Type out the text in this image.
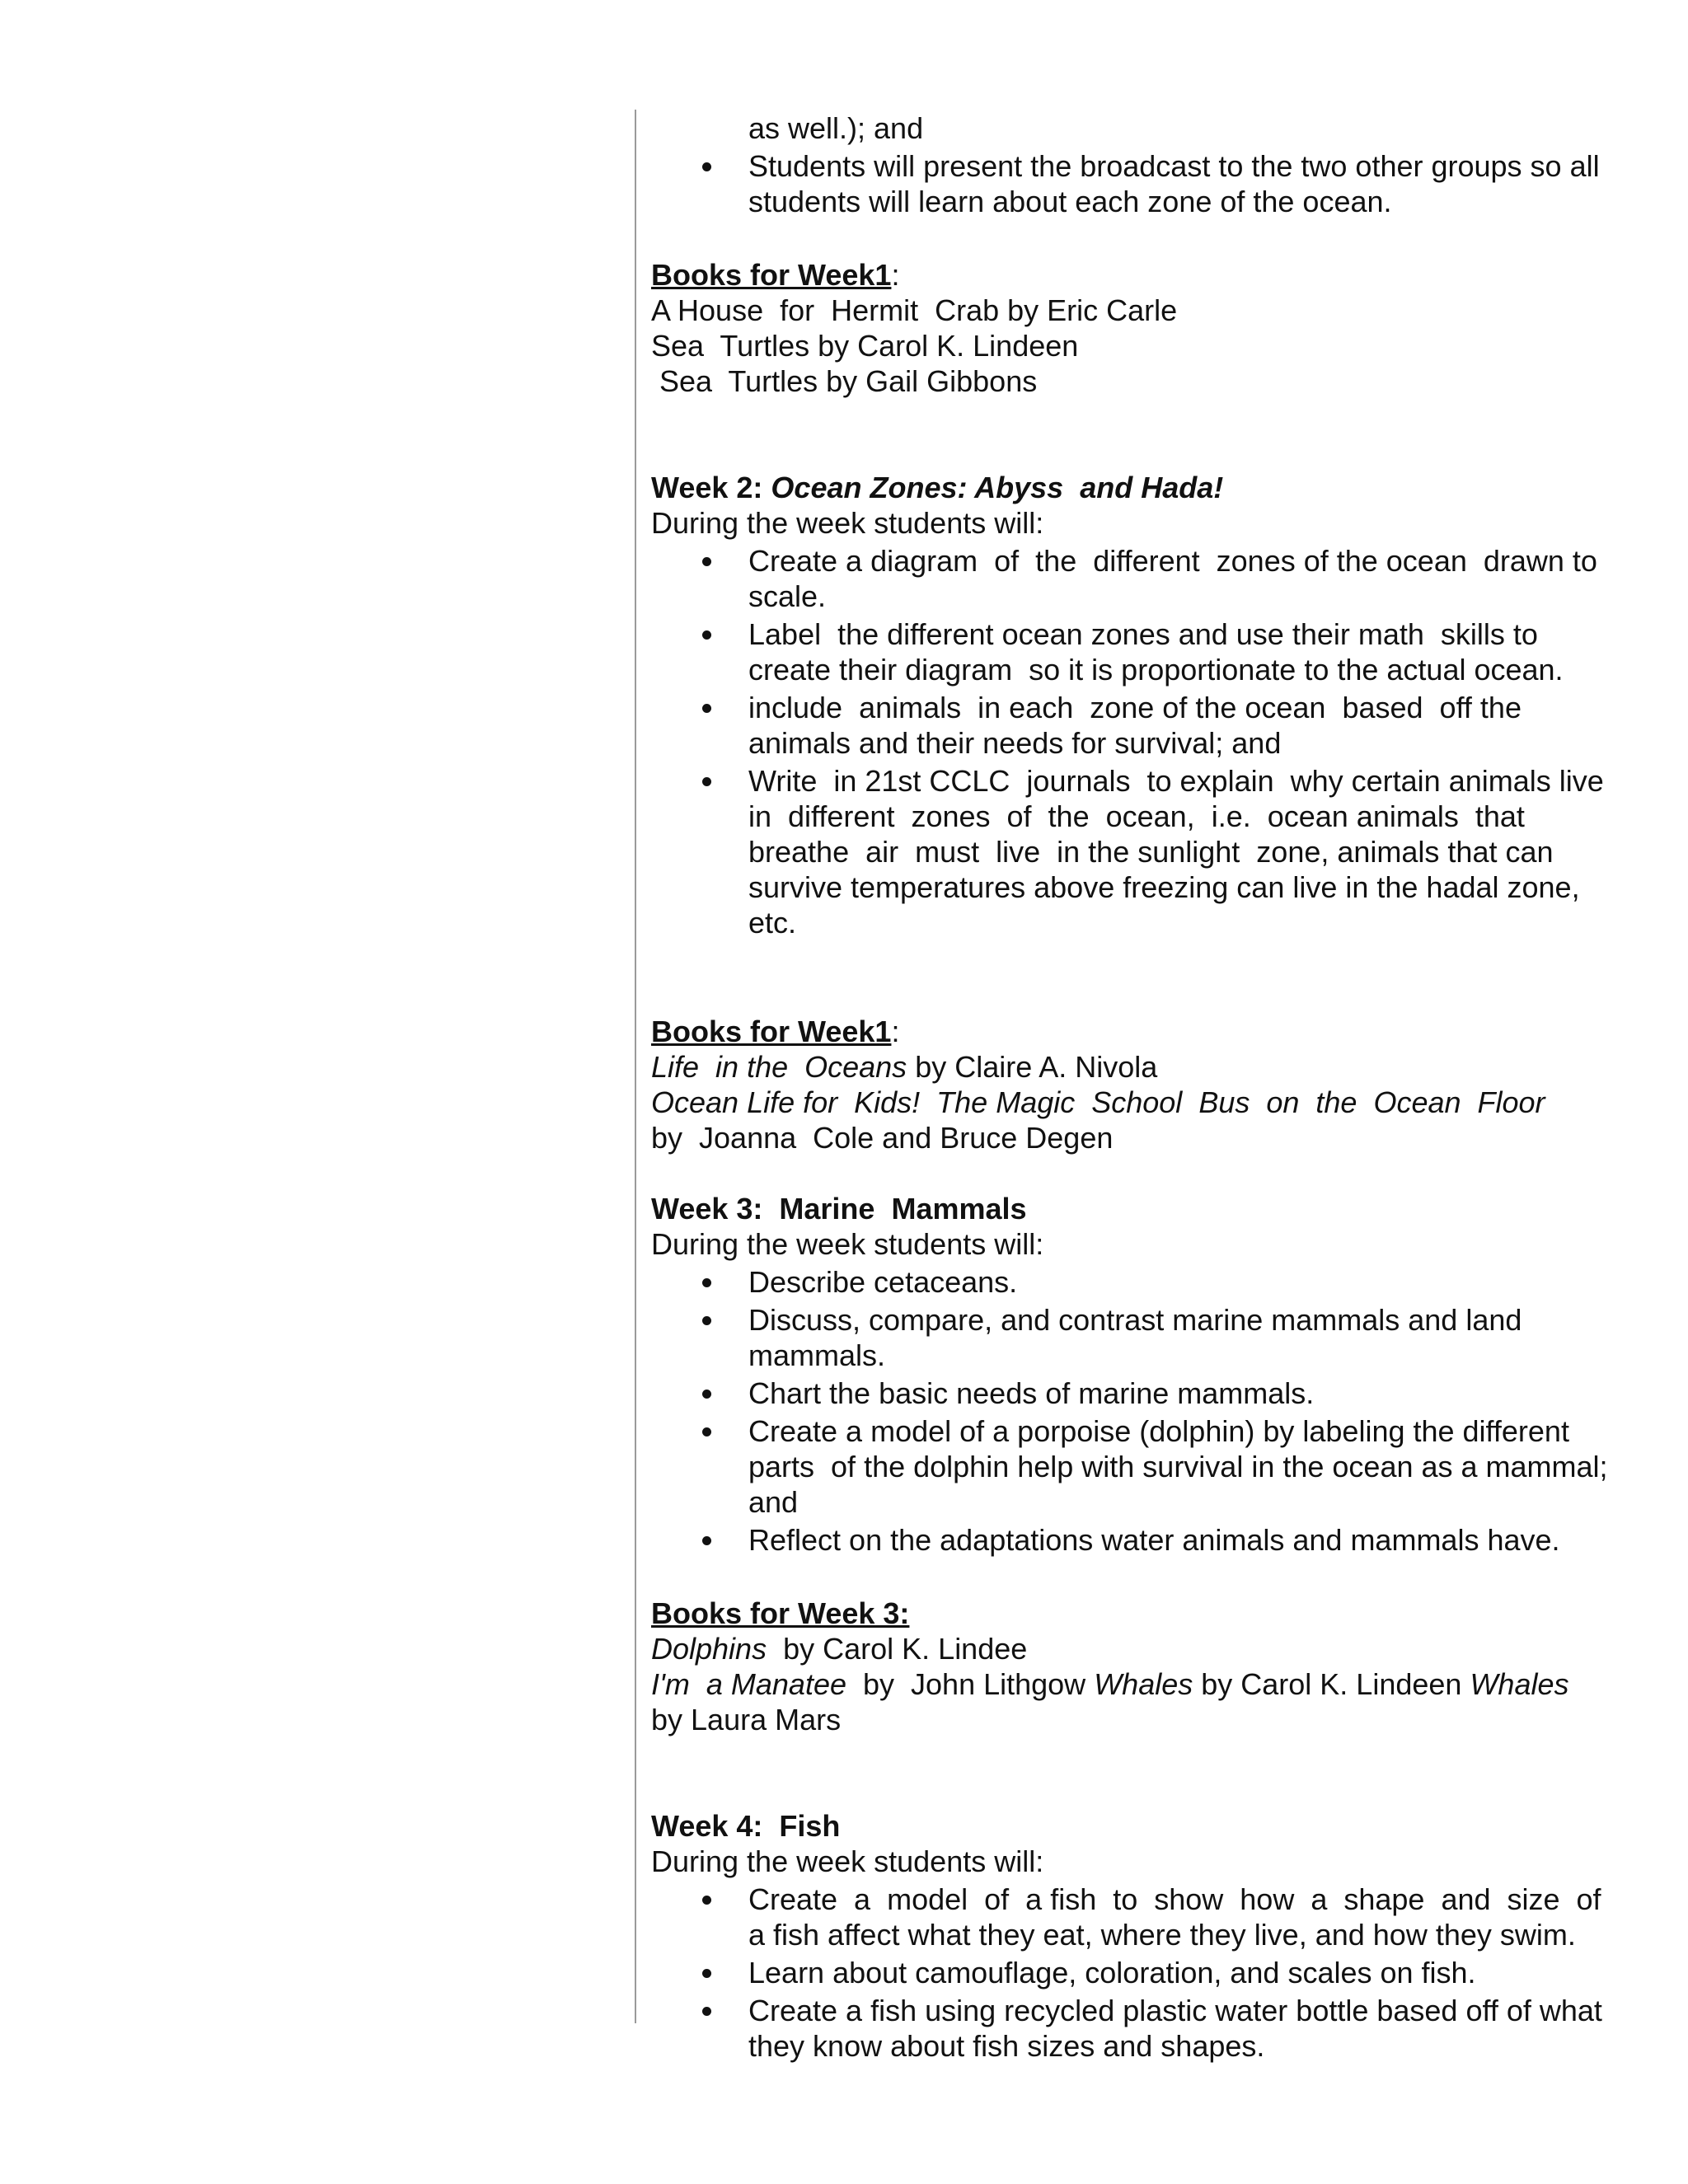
as well.); and
Students will present the broadcast to the two other groups so all students will learn about each zone of the ocean.
Books for Week1:
A House  for  Hermit  Crab by Eric Carle
Sea  Turtles by Carol K. Lindeen
Sea  Turtles by Gail Gibbons
Week 2: Ocean Zones: Abyss  and Hada!
During the week students will:
Create a diagram  of  the  different  zones of the ocean  drawn to scale.
Label  the different ocean zones and use their math  skills to create their diagram  so it is proportionate to the actual ocean.
include  animals  in each  zone of the ocean  based  off the animals and their needs for survival; and
Write  in 21st CCLC  journals  to explain  why certain animals live  in  different  zones  of  the  ocean,  i.e.  ocean animals  that breathe  air  must  live  in the sunlight  zone, animals that can survive temperatures above freezing can live in the hadal zone, etc.
Books for Week1:
Life  in the  Oceans by Claire A. Nivola
Ocean Life for  Kids!  The Magic  School  Bus  on  the  Ocean  Floor
by  Joanna  Cole and Bruce Degen
Week 3:  Marine  Mammals
During the week students will:
Describe cetaceans.
Discuss, compare, and contrast marine mammals and land mammals.
Chart the basic needs of marine mammals.
Create a model of a porpoise (dolphin) by labeling the different parts  of the dolphin help with survival in the ocean as a mammal; and
Reflect on the adaptations water animals and mammals have.
Books for Week 3:
Dolphins  by Carol K. Lindee
I'm  a Manatee  by  John Lithgow Whales by Carol K. Lindeen Whales
by Laura Mars
Week 4:  Fish
During the week students will:
Create  a  model  of  a fish  to  show  how  a  shape  and  size  of  a fish affect what they eat, where they live, and how they swim.
Learn about camouflage, coloration, and scales on fish.
Create a fish using recycled plastic water bottle based off of what they know about fish sizes and shapes.
